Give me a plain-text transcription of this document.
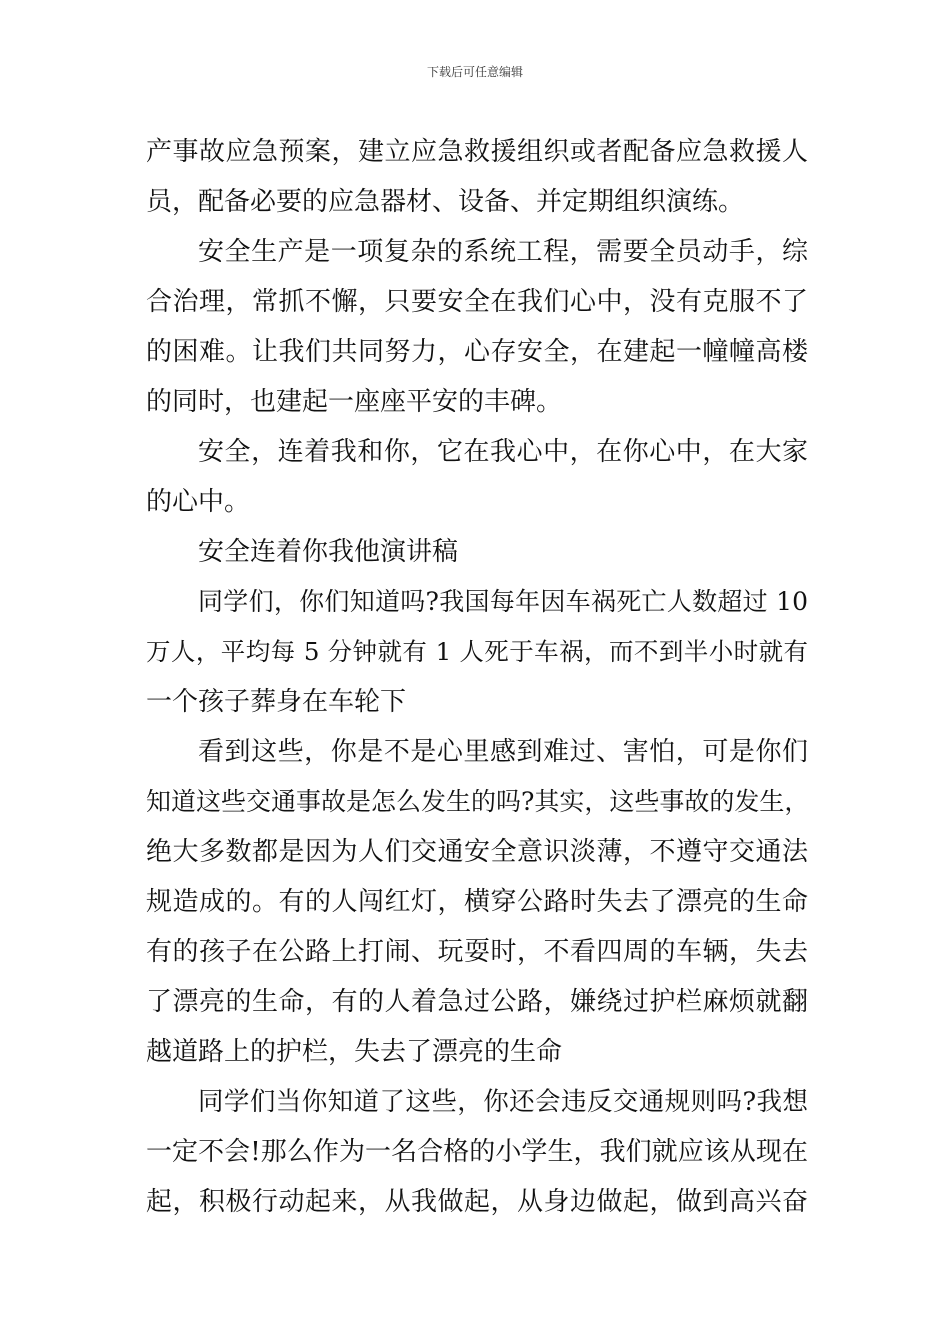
下载后可任意编辑
产事故应急预案，建立应急救援组织或者配备应急救援人
员，配备必要的应急器材、设备、并定期组织演练。
安全生产是一项复杂的系统工程，需要全员动手，综
合治理，常抓不懈，只要安全在我们心中，没有克服不了
的困难。让我们共同努力，心存安全，在建起一幢幢高楼
的同时，也建起一座座平安的丰碑。
安全，连着我和你，它在我心中，在你心中，在大家
的心中。
安全连着你我他演讲稿
同学们，你们知道吗?我国每年因车祸死亡人数超过 10
万人，平均每 5 分钟就有 1 人死于车祸，而不到半小时就有
一个孩子葬身在车轮下
看到这些，你是不是心里感到难过、害怕，可是你们
知道这些交通事故是怎么发生的吗?其实，这些事故的发生，
绝大多数都是因为人们交通安全意识淡薄，不遵守交通法
规造成的。有的人闯红灯，横穿公路时失去了漂亮的生命
有的孩子在公路上打闹、玩耍时，不看四周的车辆，失去
了漂亮的生命，有的人着急过公路，嫌绕过护栏麻烦就翻
越道路上的护栏，失去了漂亮的生命
同学们当你知道了这些，你还会违反交通规则吗?我想
一定不会!那么作为一名合格的小学生，我们就应该从现在
起，积极行动起来，从我做起，从身边做起，做到高兴奋
